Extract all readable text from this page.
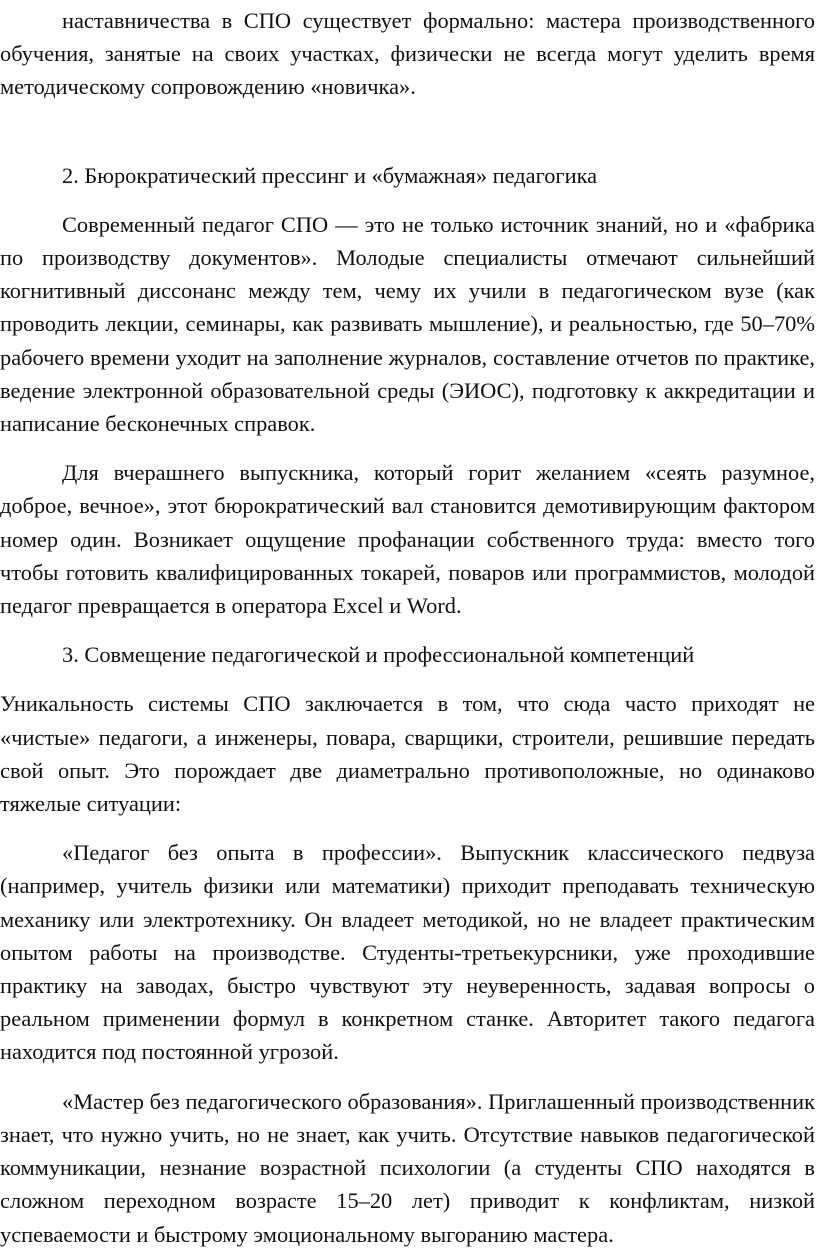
наставничества в СПО существует формально: мастера производственного обучения, занятые на своих участках, физически не всегда могут уделить время методическому сопровождению «новичка».

2. Бюрократический прессинг и «бумажная» педагогика

Современный педагог СПО — это не только источник знаний, но и «фабрика по производству документов». Молодые специалисты отмечают сильнейший когнитивный диссонанс между тем, чему их учили в педагогическом вузе (как проводить лекции, семинары, как развивать мышление), и реальностью, где 50–70% рабочего времени уходит на заполнение журналов, составление отчетов по практике, ведение электронной образовательной среды (ЭИОС), подготовку к аккредитации и написание бесконечных справок.

Для вчерашнего выпускника, который горит желанием «сеять разумное, доброе, вечное», этот бюрократический вал становится демотивирующим фактором номер один. Возникает ощущение профанации собственного труда: вместо того чтобы готовить квалифицированных токарей, поваров или программистов, молодой педагог превращается в оператора Excel и Word.

3. Совмещение педагогической и профессиональной компетенций

Уникальность системы СПО заключается в том, что сюда часто приходят не «чистые» педагоги, а инженеры, повара, сварщики, строители, решившие передать свой опыт. Это порождает две диаметрально противоположные, но одинаково тяжелые ситуации:

«Педагог без опыта в профессии». Выпускник классического педвуза (например, учитель физики или математики) приходит преподавать техническую механику или электротехнику. Он владеет методикой, но не владеет практическим опытом работы на производстве. Студенты-третьекурсники, уже проходившие практику на заводах, быстро чувствуют эту неуверенность, задавая вопросы о реальном применении формул в конкретном станке. Авторитет такого педагога находится под постоянной угрозой.

«Мастер без педагогического образования». Приглашенный производственник знает, что нужно учить, но не знает, как учить. Отсутствие навыков педагогической коммуникации, незнание возрастной психологии (а студенты СПО находятся в сложном переходном возрасте 15–20 лет) приводит к конфликтам, низкой успеваемости и быстрому эмоциональному выгоранию мастера.
